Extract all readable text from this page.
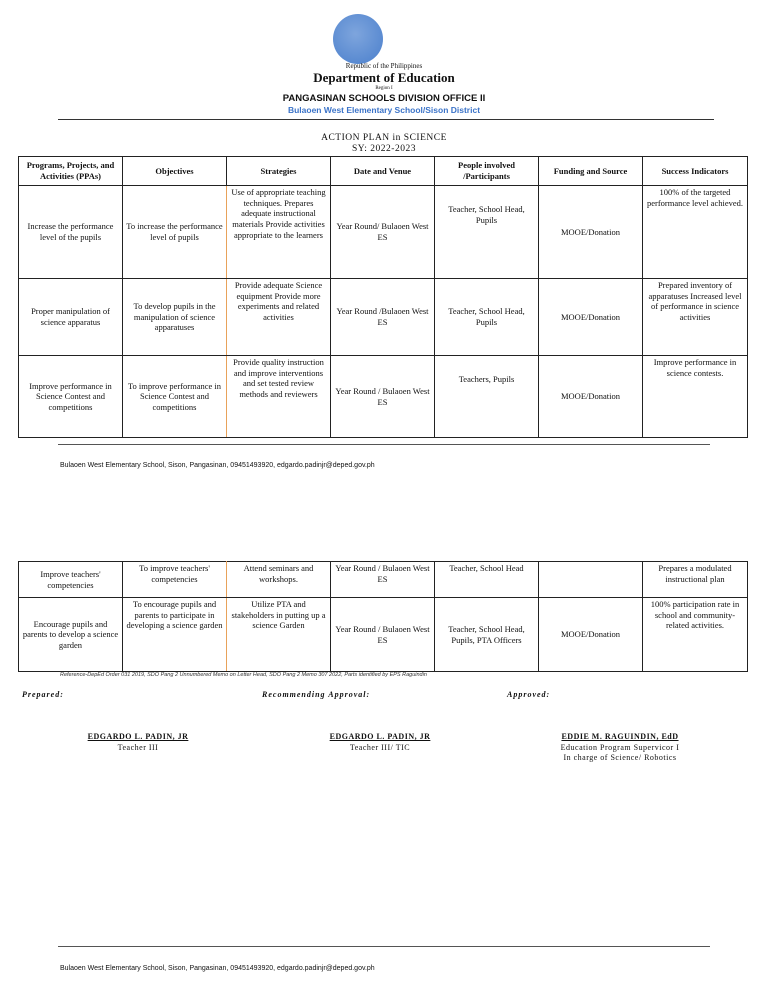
Republic of the Philippines
Department of Education
Region I
PANGASINAN SCHOOLS DIVISION OFFICE II
Bulaoen West Elementary School/Sison District
ACTION PLAN in SCIENCE
SY: 2022-2023
Programs, Projects, and Activities (PPAs)	Objectives	Strategies	Date and Venue	People involved /Participants	Funding and Source	Success Indicators
Increase the performance level of the pupils	To increase the performance level of pupils	Use of appropriate teaching techniques. Prepares adequate instructional materials Provide activities appropriate to the learners	Year Round/ Bulaoen West ES	Teacher, School Head, Pupils	MOOE/Donation	100% of the targeted performance level achieved.
Proper manipulation of science apparatus	To develop pupils in the manipulation of science apparatuses	Provide adequate Science equipment Provide more experiments and related activities	Year Round /Bulaoen West ES	Teacher, School Head, Pupils	MOOE/Donation	Prepared inventory of apparatuses Increased level of performance in science activities
Improve performance in Science Contest and competitions	To improve performance in Science Contest and competitions	Provide quality instruction and improve interventions and set tested review methods and reviewers	Year Round / Bulaoen West ES	Teachers, Pupils	MOOE/Donation	Improve performance in science contests.
Bulaoen West Elementary School, Sison, Pangasinan, 09451493920, edgardo.padinjr@deped.gov.ph
Improve teachers' competencies	To improve teachers' competencies	Attend seminars and workshops.	Year Round / Bulaoen West ES	Teacher, School Head		Prepares a modulated instructional plan
Encourage pupils and parents to develop a science garden	To encourage pupils and parents to participate in developing a science garden	Utilize PTA and stakeholders in putting up a science Garden	Year Round / Bulaoen West ES	Teacher, School Head, Pupils, PTA Officers	MOOE/Donation	100% participation rate in school and community-related activities.
Reference-DepEd Order 031 2019, SDO Pang 2 Unnumbered Memo on Letter Head, SDO Pang 2 Memo 307 2022, Parts identified by EPS Raguindin
Prepared:	Recommending Approval:	Approved:
EDGARDO L. PADIN, JR
Teacher III
EDGARDO L. PADIN, JR
Teacher III/ TIC
EDDIE M. RAGUINDIN, EdD
Education Program Supervicor I
In charge of Science/ Robotics
Bulaoen West Elementary School, Sison, Pangasinan, 09451493920, edgardo.padinjr@deped.gov.ph
